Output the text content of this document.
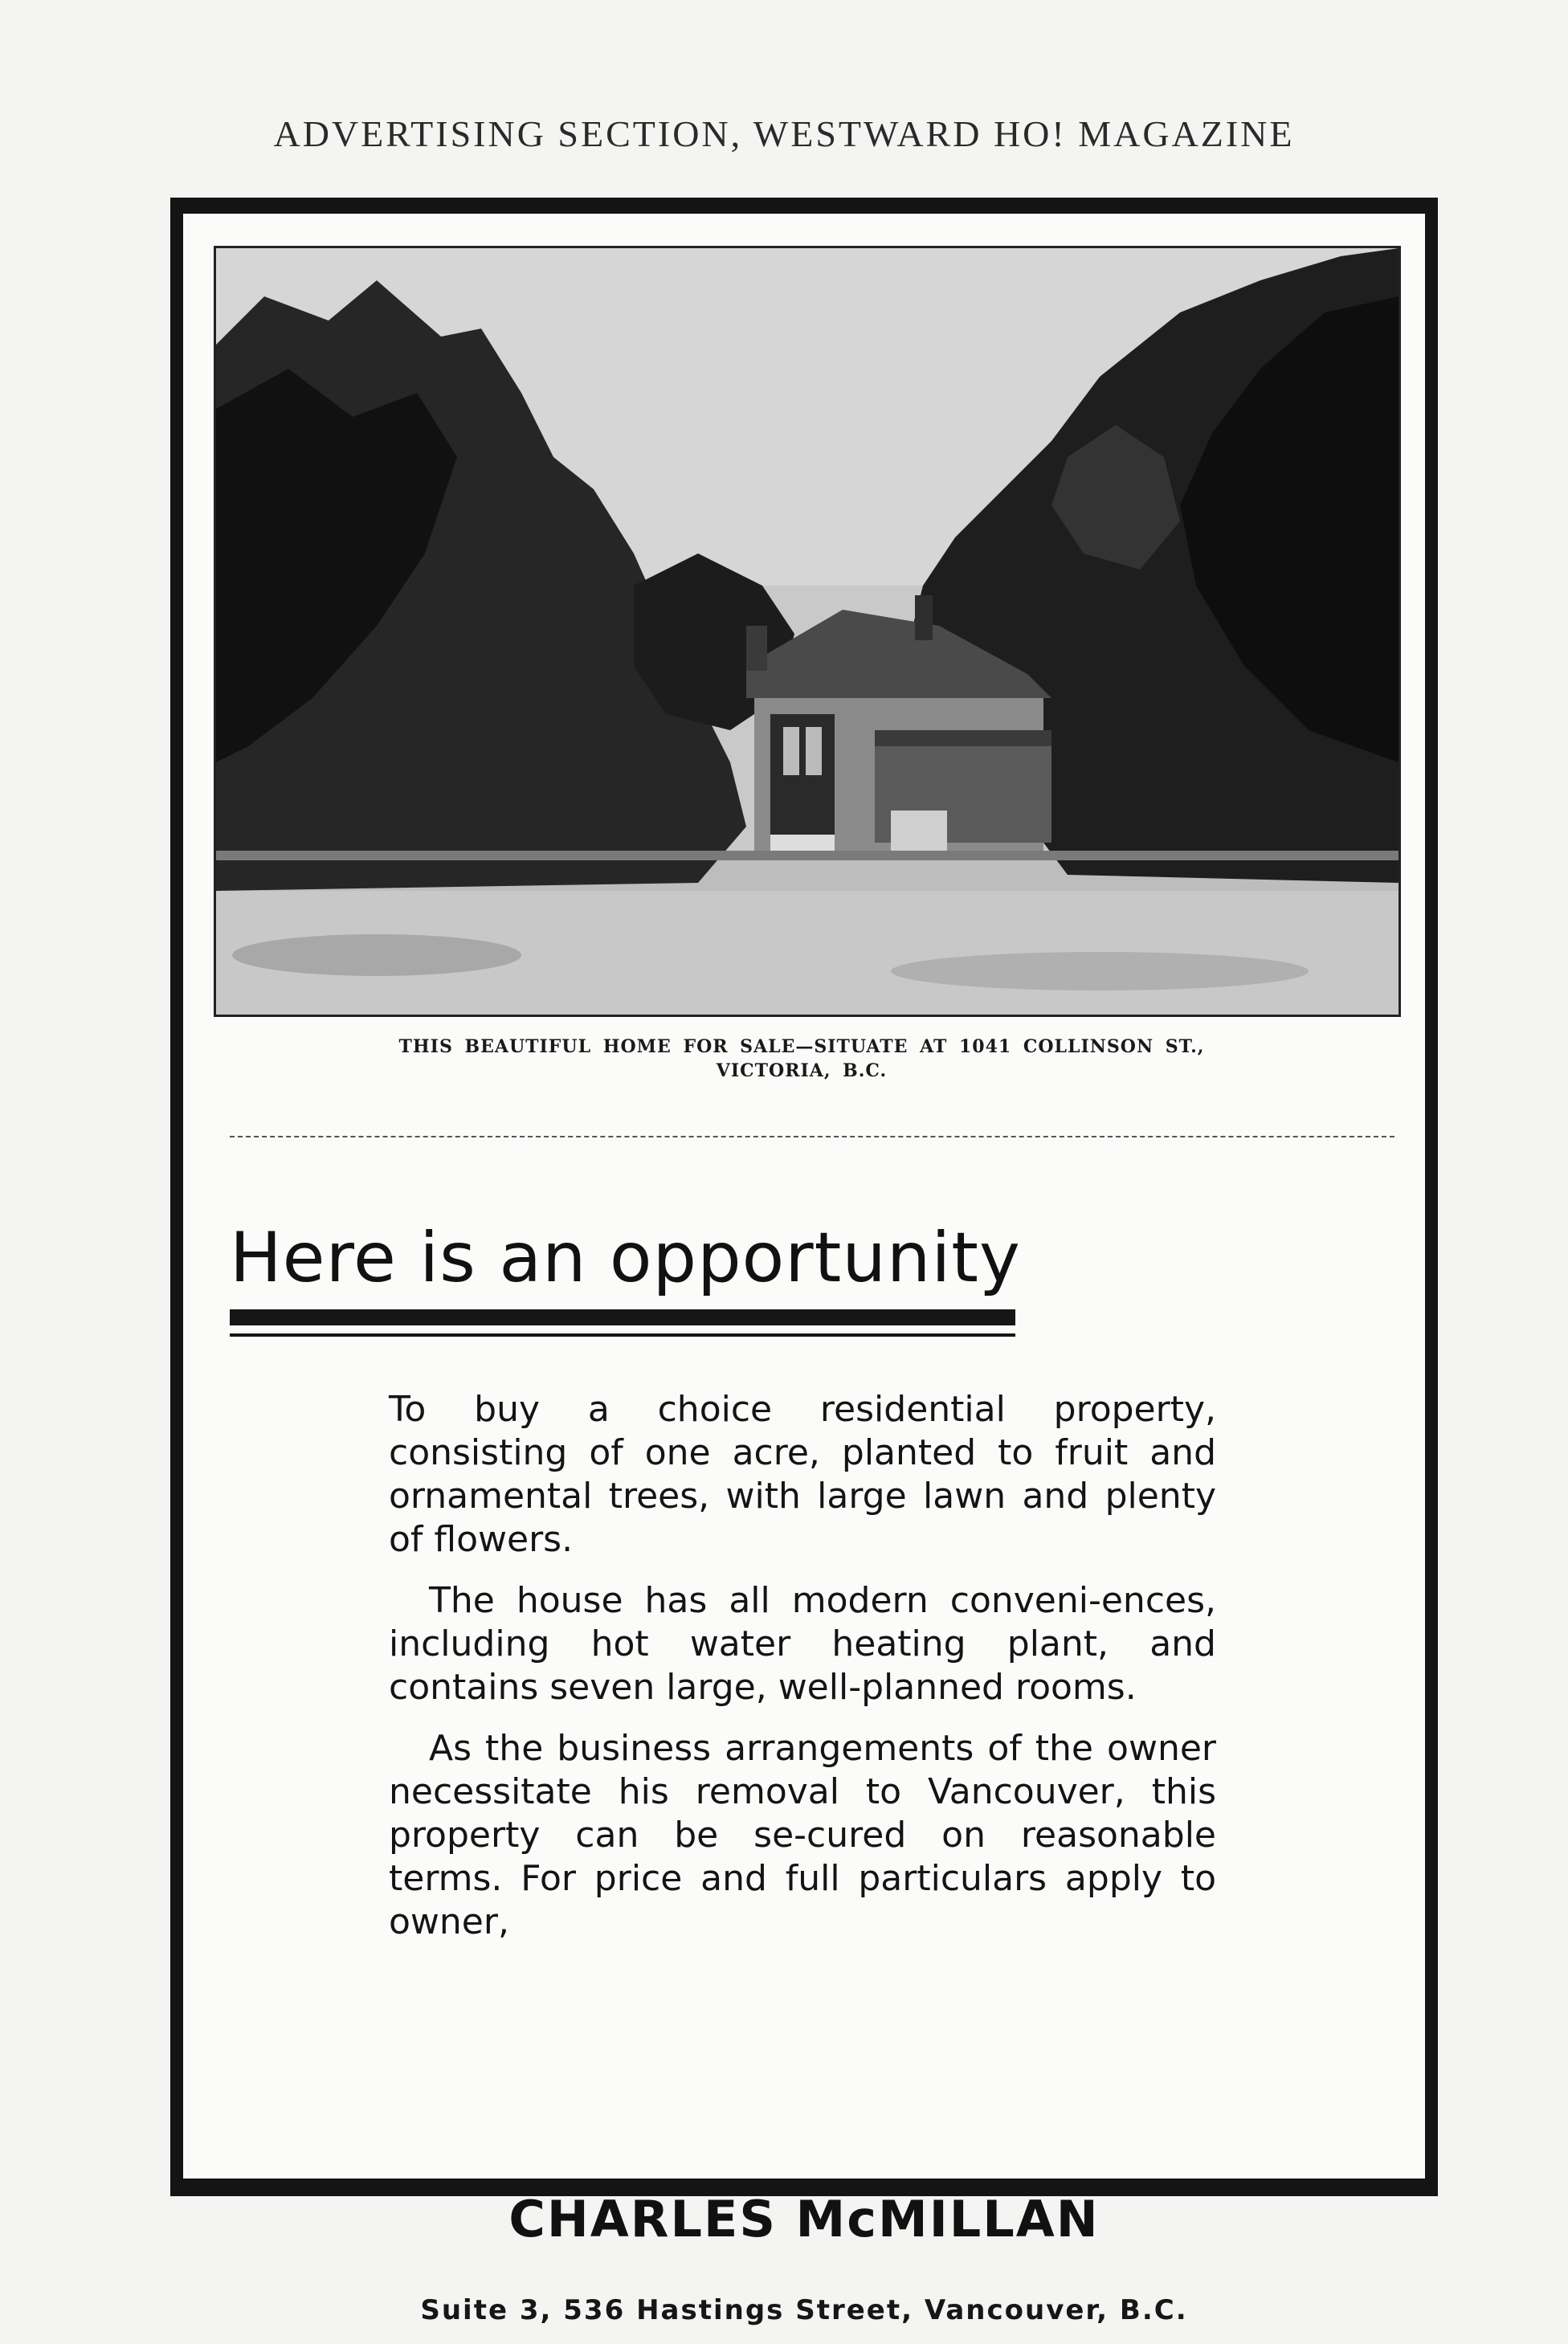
ADVERTISING SECTION, WESTWARD HO! MAGAZINE
THIS BEAUTIFUL HOME FOR SALE—SITUATE AT 1041 COLLINSON ST.,
VICTORIA, B.C.
Here is an opportunity

To buy a choice residential property, consisting of one acre, planted to fruit and ornamental trees, with large lawn and plenty of flowers.

The house has all modern conveni-ences, including hot water heating plant, and contains seven large, well-planned rooms.

As the business arrangements of the owner necessitate his removal to Vancouver, this property can be se-cured on reasonable terms. For price and full particulars apply to owner,

CHARLES McMILLAN
Suite 3, 536 Hastings Street, Vancouver, B.C.
